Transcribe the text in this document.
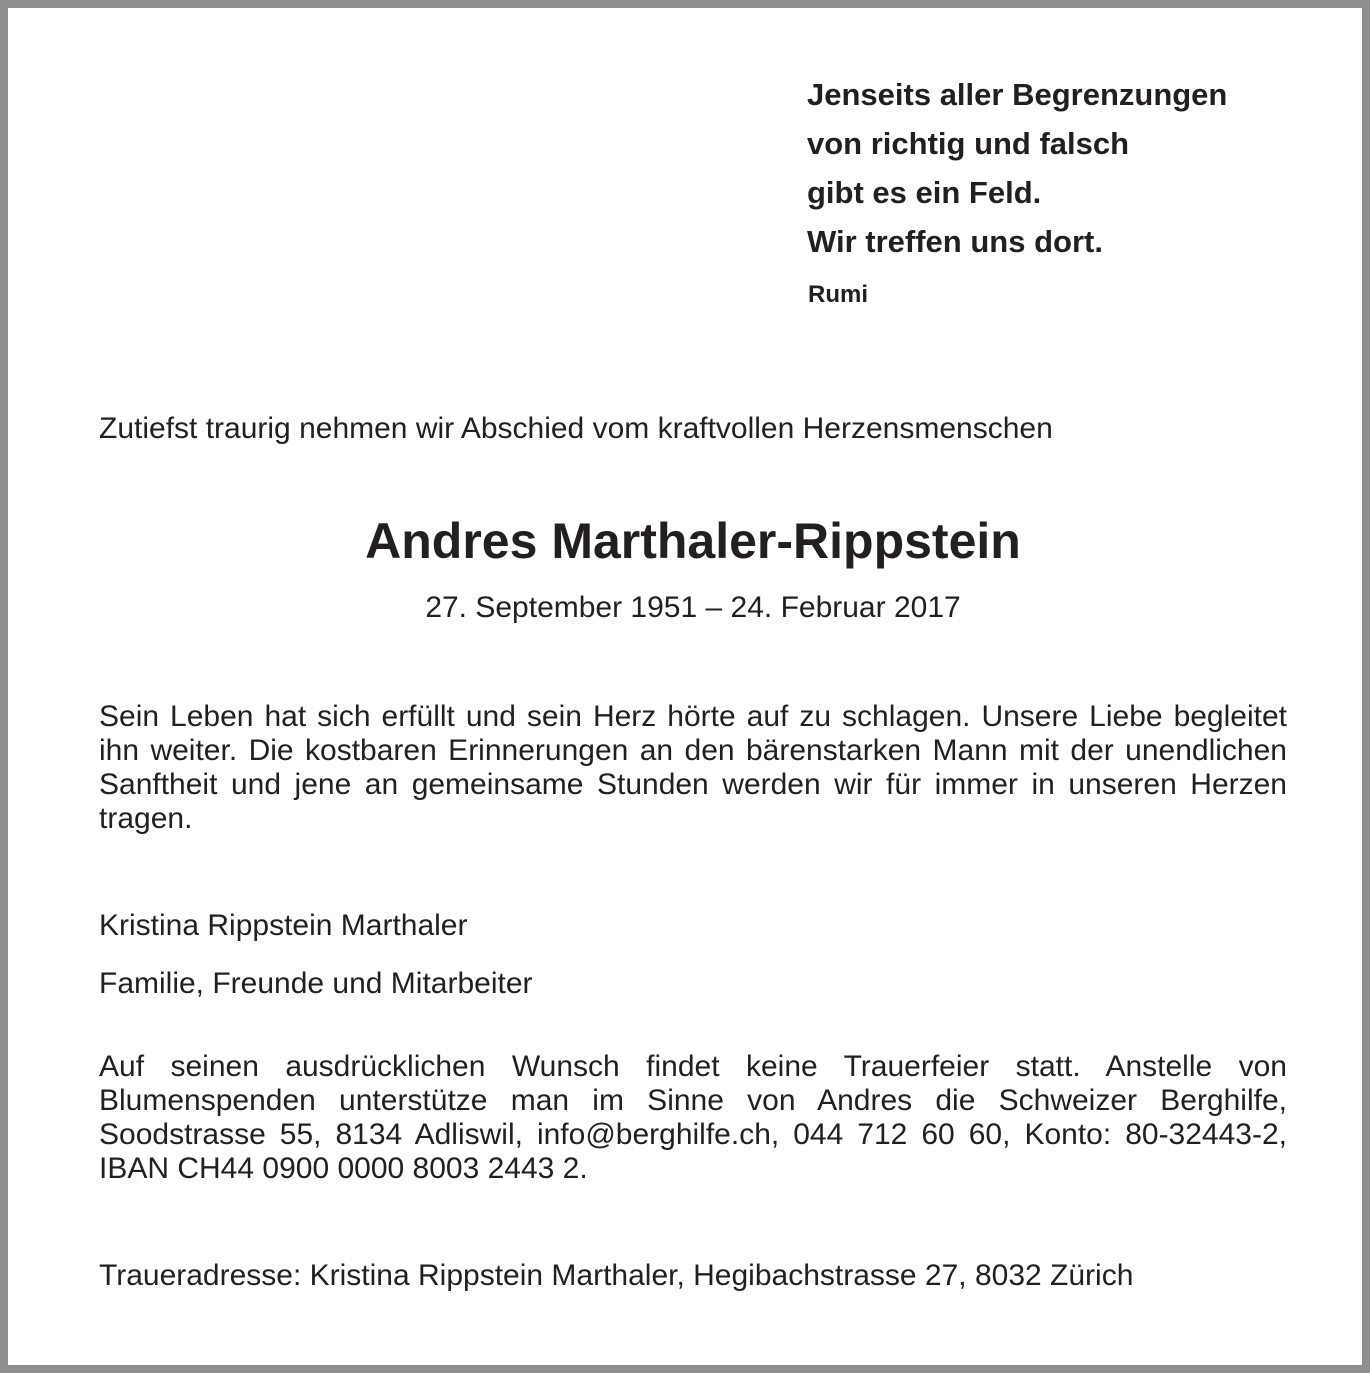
Jenseits aller Begrenzungen
von richtig und falsch
gibt es ein Feld.
Wir treffen uns dort.
Rumi
Zutiefst traurig nehmen wir Abschied vom kraftvollen Herzensmenschen
Andres Marthaler-Rippstein
27. September 1951 – 24. Februar 2017
Sein Leben hat sich erfüllt und sein Herz hörte auf zu schlagen. Unsere Liebe begleitet ihn weiter. Die kostbaren Erinnerungen an den bärenstarken Mann mit der unendlichen Sanftheit und jene an gemeinsame Stunden werden wir für immer in unseren Herzen tragen.
Kristina Rippstein Marthaler
Familie, Freunde und Mitarbeiter
Auf seinen ausdrücklichen Wunsch findet keine Trauerfeier statt. Anstelle von Blumenspenden unterstütze man im Sinne von Andres die Schweizer Berghilfe, Soodstrasse 55, 8134 Adliswil, info@berghilfe.ch, 044 712 60 60, Konto: 80-32443-2, IBAN CH44 0900 0000 8003 2443 2.
Traueradresse: Kristina Rippstein Marthaler, Hegibachstrasse 27, 8032 Zürich
